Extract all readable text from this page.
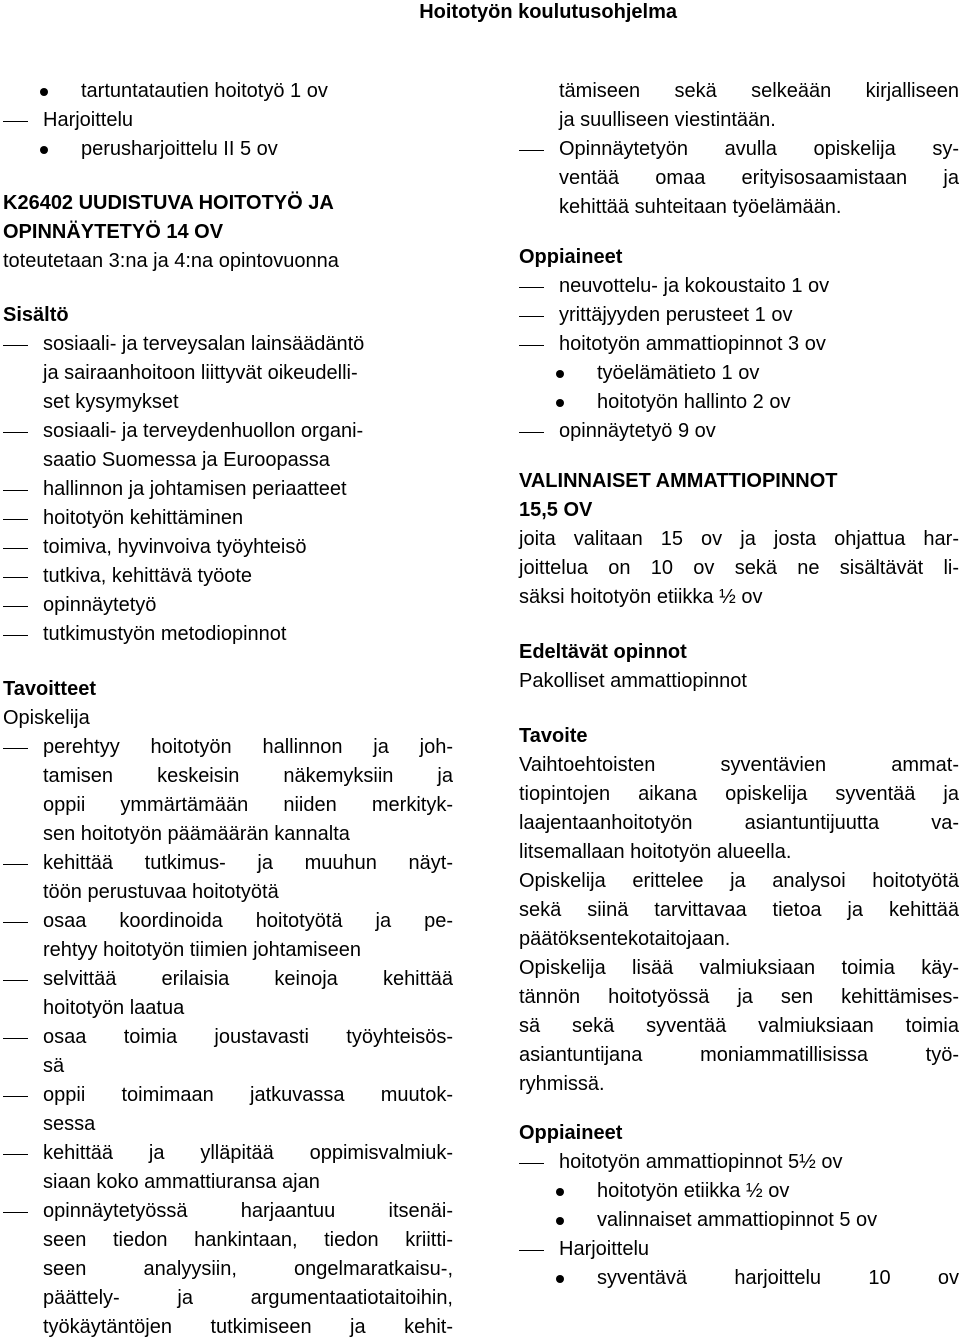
Hoitotyön koulutusohjelma
tartuntatautien hoitotyö 1 ov
Harjoittelu
perusharjoittelu II 5 ov
K26402 UUDISTUVA HOITOTYÖ JA
OPINNÄYTETYÖ 14 OV
toteutetaan 3:na ja 4:na opintovuonna
Sisältö
sosiaali- ja terveysalan lainsäädäntö
ja sairaanhoitoon liittyvät oikeudelli-
set kysymykset
sosiaali- ja terveydenhuollon organi-
saatio Suomessa ja Euroopassa
hallinnon ja johtamisen periaatteet
hoitotyön kehittäminen
toimiva, hyvinvoiva työyhteisö
tutkiva, kehittävä työote
opinnäytetyö
tutkimustyön metodiopinnot
Tavoitteet
Opiskelija
perehtyy hoitotyön hallinnon ja joh-
tamisen keskeisin näkemyksiin ja
oppii ymmärtämään niiden merkityk-
sen hoitotyön päämäärän kannalta
kehittää tutkimus- ja muuhun näyt-
töön perustuvaa hoitotyötä
osaa koordinoida hoitotyötä ja pe-
rehtyy hoitotyön tiimien johtamiseen
selvittää erilaisia keinoja kehittää
hoitotyön laatua
osaa toimia joustavasti työyhteisös-
sä
oppii toimimaan jatkuvassa muutok-
sessa
kehittää ja ylläpitää oppimisvalmiuk-
siaan koko ammattiuransa ajan
opinnäytetyössä harjaantuu itsenäi-
seen tiedon hankintaan, tiedon kriitti-
seen analyysiin, ongelmaratkaisu-,
päättely- ja argumentaatiotaitoihin,
työkäytäntöjen tutkimiseen ja kehit-
tämiseen sekä selkeään kirjalliseen
ja suulliseen viestintään.
Opinnäytetyön avulla opiskelija sy-
ventää omaa erityisosaamistaan ja
kehittää suhteitaan työelämään.
Oppiaineet
neuvottelu- ja kokoustaito 1 ov
yrittäjyyden perusteet 1 ov
hoitotyön ammattiopinnot 3 ov
työelämätieto 1 ov
hoitotyön hallinto 2 ov
opinnäytetyö 9 ov
VALINNAISET AMMATTIOPINNOT
15,5 OV
joita valitaan 15 ov ja josta ohjattua har-
joittelua on 10 ov sekä ne sisältävät li-
säksi hoitotyön etiikka ½ ov
Edeltävät opinnot
Pakolliset ammattiopinnot
Tavoite
Vaihtoehtoisten syventävien ammat-
tiopintojen aikana opiskelija syventää ja
laajentaanhoitotyön asiantuntijuutta va-
litsemallaan hoitotyön alueella.
Opiskelija erittelee ja analysoi hoitotyötä
sekä siinä tarvittavaa tietoa ja kehittää
päätöksentekotaitojaan.
Opiskelija lisää valmiuksiaan toimia käy-
tännön hoitotyössä ja sen kehittämises-
sä sekä syventää valmiuksiaan toimia
asiantuntijana moniammatillisissa työ-
ryhmissä.
Oppiaineet
hoitotyön ammattiopinnot 5½ ov
hoitotyön etiikka ½ ov
valinnaiset ammattiopinnot 5 ov
Harjoittelu
syventävä harjoittelu 10 ov
